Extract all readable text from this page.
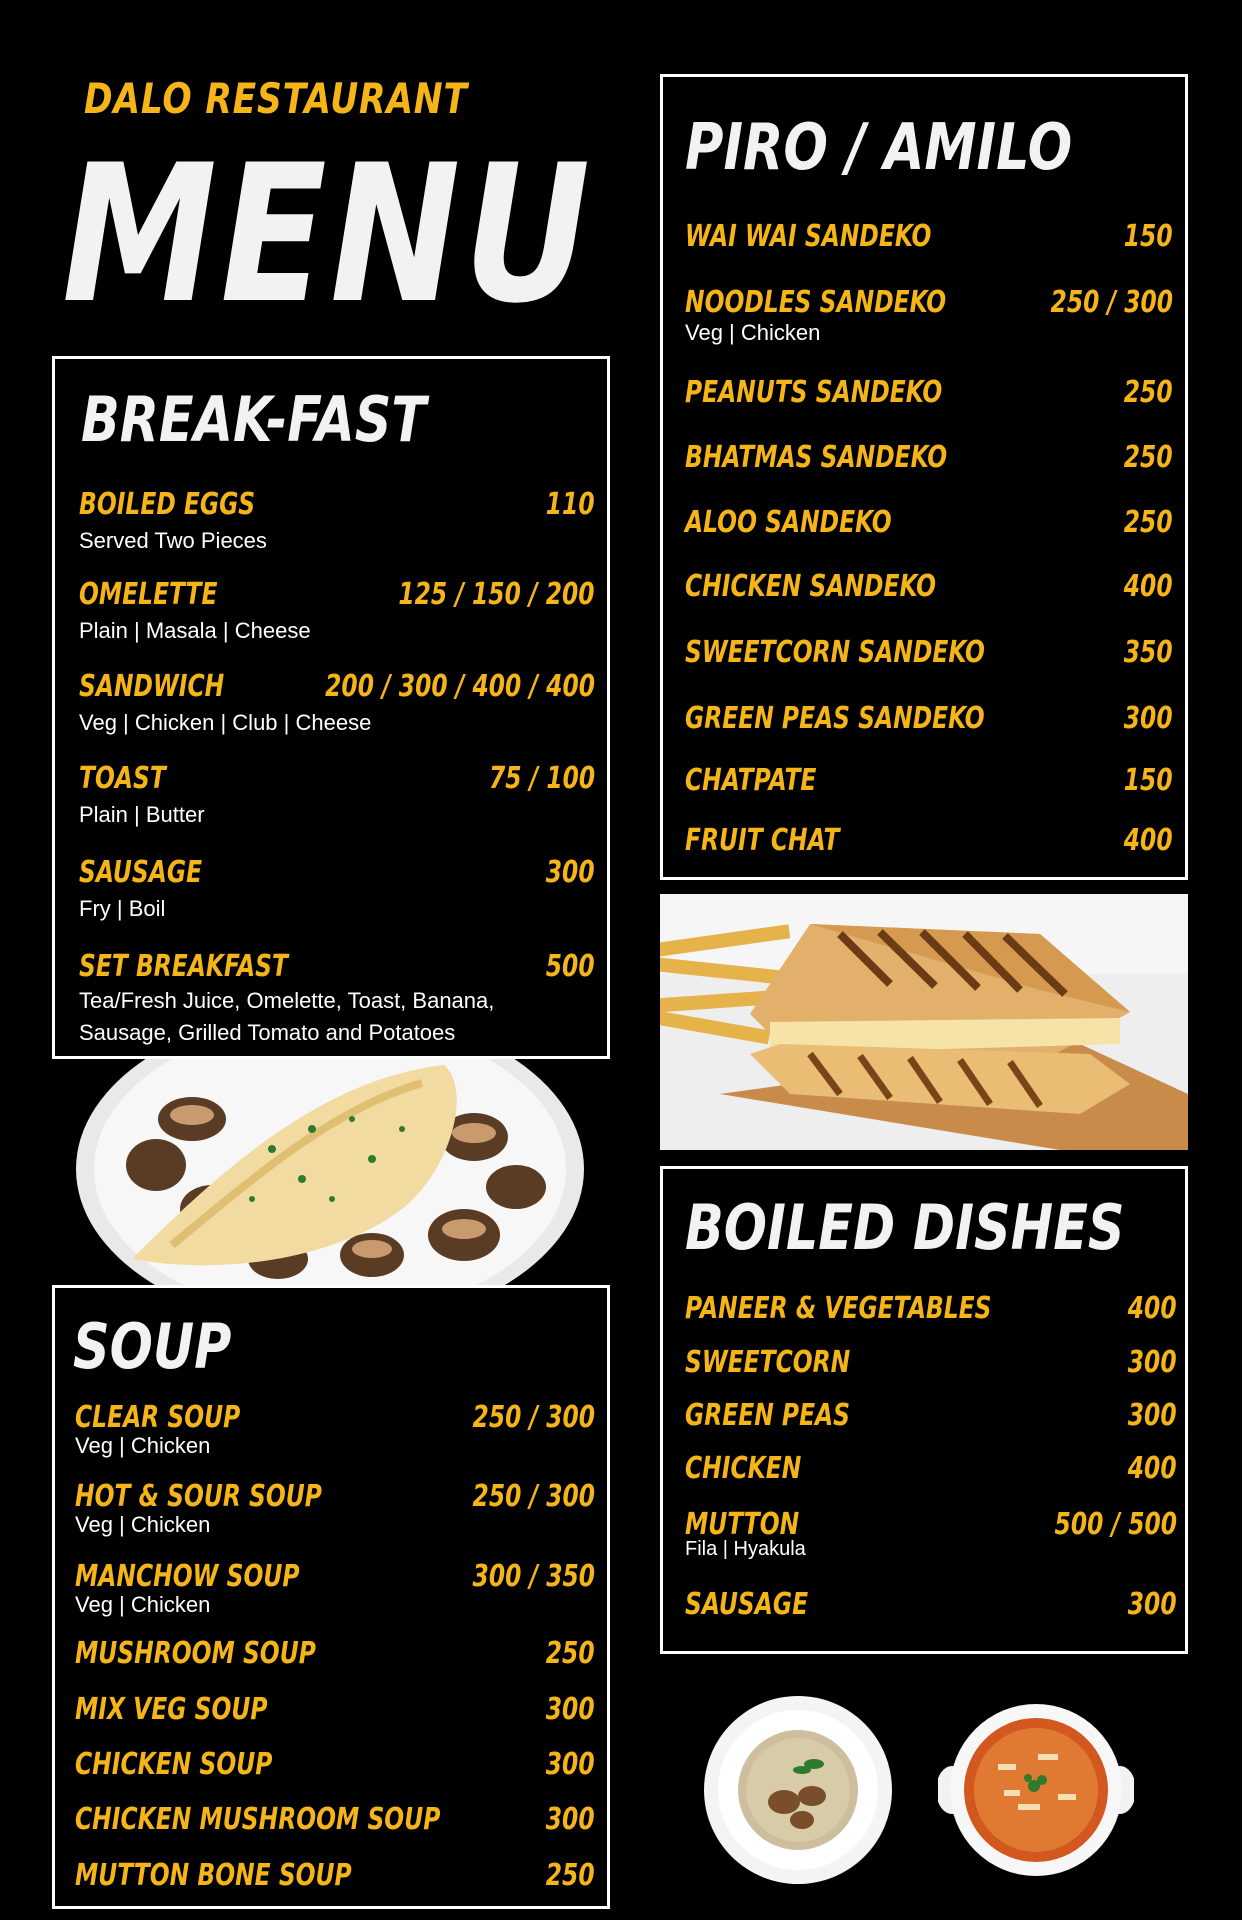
DALO RESTAURANT
MENU
BREAK-FAST
BOILED EGGS	110
Served Two Pieces
OMELETTE	125 / 150 / 200
Plain | Masala | Cheese
SANDWICH	200 / 300 / 400 / 400
Veg | Chicken | Club | Cheese
TOAST	75 / 100
Plain | Butter
SAUSAGE	300
Fry | Boil
SET BREAKFAST	500
Tea/Fresh Juice, Omelette, Toast, Banana,
Sausage, Grilled Tomato and Potatoes
SOUP
CLEAR SOUP	250 / 300
Veg | Chicken
HOT & SOUR SOUP	250 / 300
Veg | Chicken
MANCHOW SOUP	300 / 350
Veg | Chicken
MUSHROOM SOUP	250
MIX VEG SOUP	300
CHICKEN SOUP	300
CHICKEN MUSHROOM SOUP	300
MUTTON BONE SOUP	250
PIRO / AMILO
WAI WAI SANDEKO	150
NOODLES SANDEKO	250 / 300
Veg | Chicken
PEANUTS SANDEKO	250
BHATMAS SANDEKO	250
ALOO SANDEKO	250
CHICKEN SANDEKO	400
SWEETCORN SANDEKO	350
GREEN PEAS SANDEKO	300
CHATPATE	150
FRUIT CHAT	400
BOILED DISHES
PANEER & VEGETABLES	400
SWEETCORN	300
GREEN PEAS	300
CHICKEN	400
MUTTON	500 / 500
Fila | Hyakula
SAUSAGE	300
